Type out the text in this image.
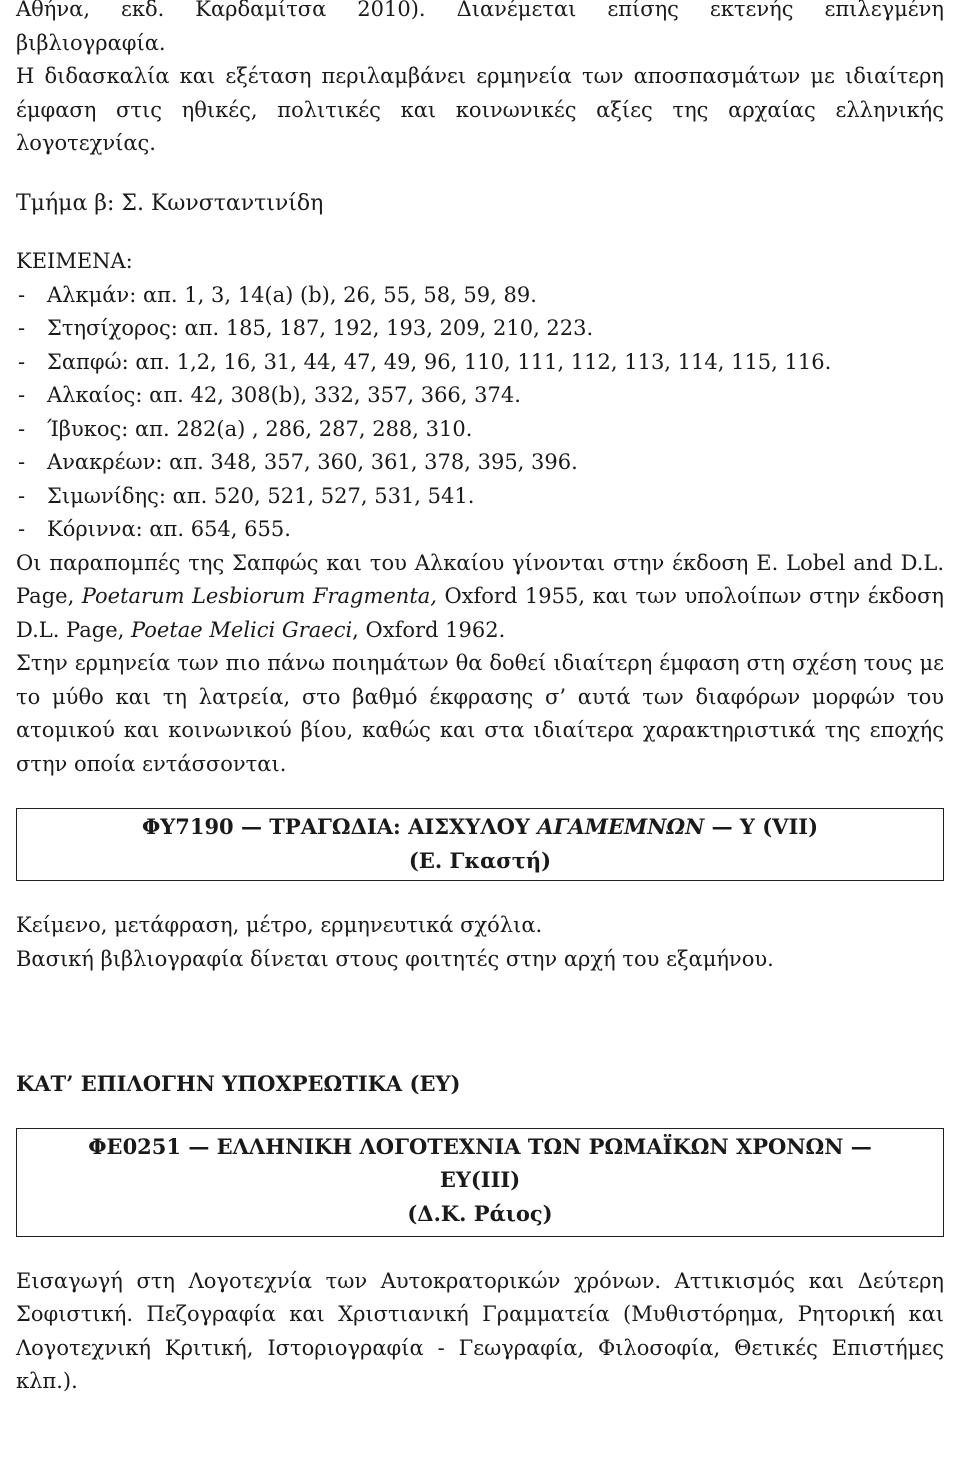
Αθήνα, εκδ. Καρδαμίτσα 2010). Διανέμεται επίσης εκτενής επιλεγμένη

βιβλιογραφία.

Η διδασκαλία και εξέταση περιλαμβάνει ερμηνεία των αποσπασμάτων με ιδιαίτερη έμφαση στις ηθικές, πολιτικές και κοινωνικές αξίες της αρχαίας ελληνικής λογοτεχνίας.

Τμήμα β: Σ. Κωνσταντινίδη

ΚΕΙΜΕΝΑ:

- Αλκμάν: απ. 1, 3, 14(a) (b), 26, 55, 58, 59, 89.
- Στησίχορος: απ. 185, 187, 192, 193, 209, 210, 223.
- Σαπφώ: απ. 1,2, 16, 31, 44, 47, 49, 96, 110, 111, 112, 113, 114, 115, 116.
- Αλκαίος: απ. 42, 308(b), 332, 357, 366, 374.
- Ίβυκος: απ. 282(a) , 286, 287, 288, 310.
- Ανακρέων: απ. 348, 357, 360, 361, 378, 395, 396.
- Σιμωνίδης: απ. 520, 521, 527, 531, 541.
- Κόριννα: απ. 654, 655.

Οι παραπομπές της Σαπφώς και του Αλκαίου γίνονται στην έκδοση E. Lobel and D.L. Page, Poetarum Lesbiorum Fragmenta, Oxford 1955, και των υπολοίπων στην έκδοση D.L. Page, Poetae Melici Graeci, Oxford 1962.

Στην ερμηνεία των πιο πάνω ποιημάτων θα δοθεί ιδιαίτερη έμφαση στη σχέση τους με το μύθο και τη λατρεία, στο βαθμό έκφρασης σ’ αυτά των διαφόρων μορφών του ατομικού και κοινωνικού βίου, καθώς και στα ιδιαίτερα χαρακτηριστικά της εποχής στην οποία εντάσσονται.

ΦΥ7190 — ΤΡΑΓΩΔΙΑ: ΑΙΣΧΥΛΟΥ ΑΓΑΜΕΜΝΩΝ — Υ (VII)
(Ε. Γκαστή)

Κείμενο, μετάφραση, μέτρο, ερμηνευτικά σχόλια.

Βασική βιβλιογραφία δίνεται στους φοιτητές στην αρχή του εξαμήνου.

ΚΑΤ’ ΕΠΙΛΟΓΗΝ ΥΠΟΧΡΕΩΤΙΚΑ (ΕΥ)

ΦΕ0251 — ΕΛΛΗΝΙΚΗ ΛΟΓΟΤΕΧΝΙΑ ΤΩΝ ΡΩΜΑΪΚΩΝ ΧΡΟΝΩΝ —
ΕΥ(ΙΙΙ)
(Δ.Κ. Ράιος)

Εισαγωγή στη Λογοτεχνία των Αυτοκρατορικών χρόνων. Αττικισμός και Δεύτερη Σοφιστική. Πεζογραφία και Χριστιανική Γραμματεία (Μυθιστόρημα, Ρητορική και Λογοτεχνική Κριτική, Ιστοριογραφία - Γεωγραφία, Φιλοσοφία, Θετικές Επιστήμες κλπ.).
